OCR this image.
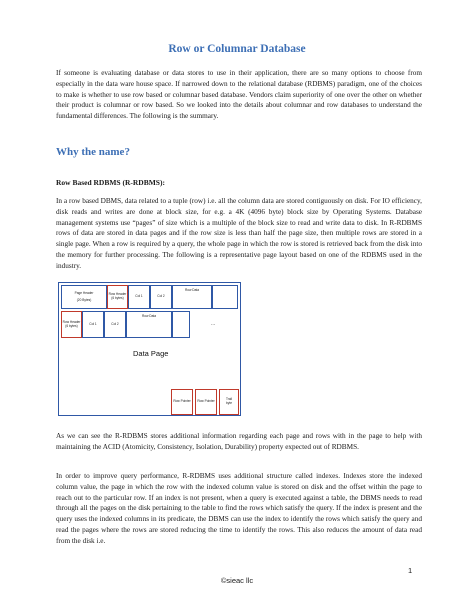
Row or Columnar Database

If someone is evaluating database or data stores to use in their application, there are so many options to choose from especially in the data ware house space. If narrowed down to the relational database (RDBMS) paradigm, one of the choices to make is whether to use row based or columnar based database. Vendors claim superiority of one over the other on whether their product is columnar or row based. So we looked into the details about columnar and row databases to understand the fundamental differences. The following is the summary.

Why the name?
Row Based RDBMS (R-RDBMS):

In a row based DBMS, data related to a tuple (row) i.e. all the column data are stored contiguously on disk. For IO efficiency, disk reads and writes are done at block size, for e.g. a 4K (4096 byte) block size by Operating Systems. Database management systems use “pages” of size which is a multiple of the block size to read and write data to disk. In R-RDBMS rows of data are stored in data pages and if the row size is less than half the page size, then multiple rows are stored in a single page. When a row is required by a query, the whole page in which the row is stored is retrieved back from the disk into the memory for further processing. The following is a representative page layout based on one of the RDBMS used in the industry.

Page Header
(20 Bytes)
Row Header
(6 bytes)	Col 1	Col 2
Row Data
Row Header
(6 bytes)	Col 1	Col 2
Row Data
...
Data Page
Row Pointer Row Pointer	Trail
byte

As we can see the R-RDBMS stores additional information regarding each page and rows with in the page to help with maintaining the ACID (Atomicity, Consistency, Isolation, Durability) property expected out of RDBMS.

In order to improve query performance, R-RDBMS uses additional structure called indexes. Indexes store the indexed column value, the page in which the row with the indexed column value is stored on disk and the offset within the page to reach out to the particular row. If an index is not present, when a query is executed against a table, the DBMS needs to read through all the pages on the disk pertaining to the table to find the rows which satisfy the query. If the index is present and the query uses the indexed columns in its predicate, the DBMS can use the index to identify the rows which satisfy the query and read the pages where the rows are stored reducing the time to identify the rows. This also reduces the amount of data read from the disk i.e.

1
©sieac llc
